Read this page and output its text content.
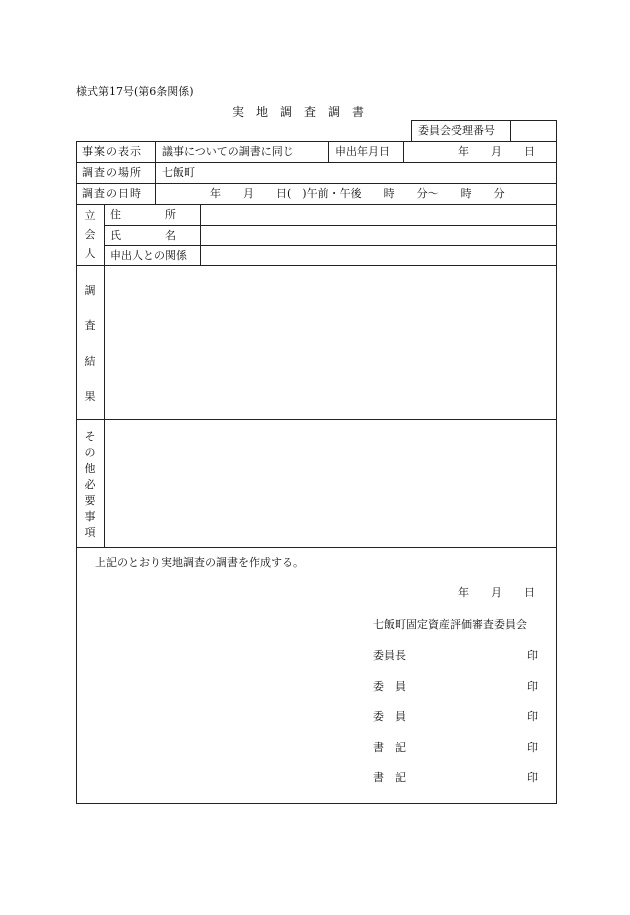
様式第17号(第6条関係)
実　地　調　査　調　書
委員会受理番号
事案の表示 議事についての調書に同じ	申出年月日	年　　月　　日
調査の場所 七飯町
調査の日時	年　　月　　日(　)午前・午後　　時　　分～　　時　　分
立
会
人
住　　　　所
氏　　　　名
申出人との関係
調
査
結
果
そ
の
他
必
要
事
項
上記のとおり実地調査の調書を作成する。
年　　月　　日
七飯町固定資産評価審査委員会
委員長	印
委　員	印
委　員	印
書　記	印
書　記	印
